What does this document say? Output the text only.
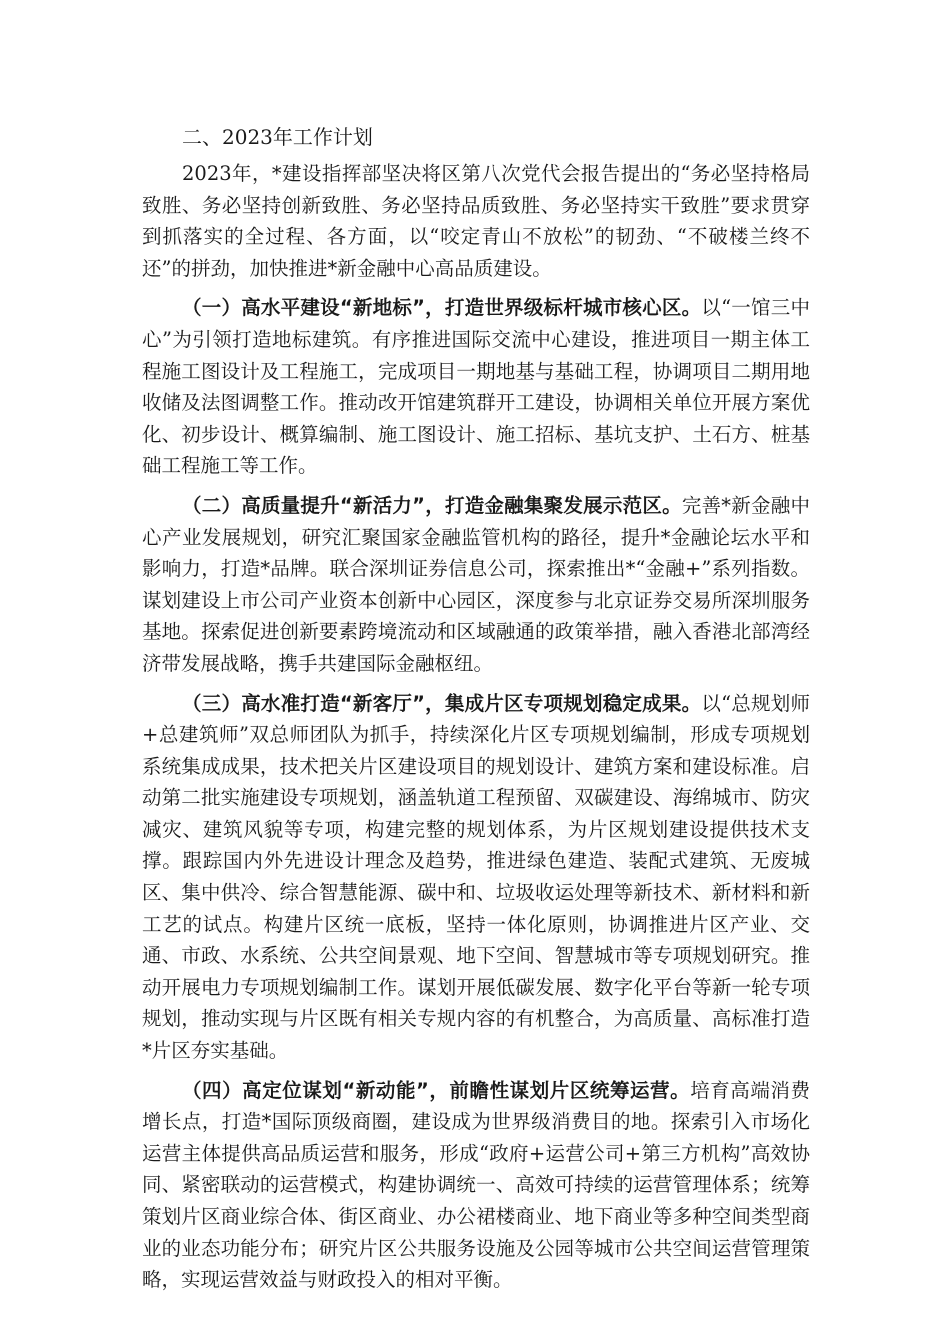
二、2023年工作计划

2023年，*建设指挥部坚决将区第八次党代会报告提出的“务必坚持格局致胜、务必坚持创新致胜、务必坚持品质致胜、务必坚持实干致胜”要求贯穿到抓落实的全过程、各方面，以“咬定青山不放松”的韧劲、“不破楼兰终不还”的拼劲，加快推进*新金融中心高品质建设。

（一）高水平建设“新地标”，打造世界级标杆城市核心区。以“一馆三中心”为引领打造地标建筑。有序推进国际交流中心建设，推进项目一期主体工程施工图设计及工程施工，完成项目一期地基与基础工程，协调项目二期用地收储及法图调整工作。推动改开馆建筑群开工建设，协调相关单位开展方案优化、初步设计、概算编制、施工图设计、施工招标、基坑支护、土石方、桩基础工程施工等工作。

（二）高质量提升“新活力”，打造金融集聚发展示范区。完善*新金融中心产业发展规划，研究汇聚国家金融监管机构的路径，提升*金融论坛水平和影响力，打造*品牌。联合深圳证券信息公司，探索推出*“金融+”系列指数。谋划建设上市公司产业资本创新中心园区，深度参与北京证券交易所深圳服务基地。探索促进创新要素跨境流动和区域融通的政策举措，融入香港北部湾经济带发展战略，携手共建国际金融枢纽。

（三）高水准打造“新客厅”，集成片区专项规划稳定成果。以“总规划师+总建筑师”双总师团队为抓手，持续深化片区专项规划编制，形成专项规划系统集成成果，技术把关片区建设项目的规划设计、建筑方案和建设标准。启动第二批实施建设专项规划，涵盖轨道工程预留、双碳建设、海绵城市、防灾减灾、建筑风貌等专项，构建完整的规划体系，为片区规划建设提供技术支撑。跟踪国内外先进设计理念及趋势，推进绿色建造、装配式建筑、无废城区、集中供冷、综合智慧能源、碳中和、垃圾收运处理等新技术、新材料和新工艺的试点。构建片区统一底板，坚持一体化原则，协调推进片区产业、交通、市政、水系统、公共空间景观、地下空间、智慧城市等专项规划研究。推动开展电力专项规划编制工作。谋划开展低碳发展、数字化平台等新一轮专项规划，推动实现与片区既有相关专规内容的有机整合，为高质量、高标准打造*片区夯实基础。

（四）高定位谋划“新动能”，前瞻性谋划片区统筹运营。培育高端消费增长点，打造*国际顶级商圈，建设成为世界级消费目的地。探索引入市场化运营主体提供高品质运营和服务，形成“政府+运营公司+第三方机构”高效协同、紧密联动的运营模式，构建协调统一、高效可持续的运营管理体系；统筹策划片区商业综合体、街区商业、办公裙楼商业、地下商业等多种空间类型商业的业态功能分布；研究片区公共服务设施及公园等城市公共空间运营管理策略，实现运营效益与财政投入的相对平衡。
